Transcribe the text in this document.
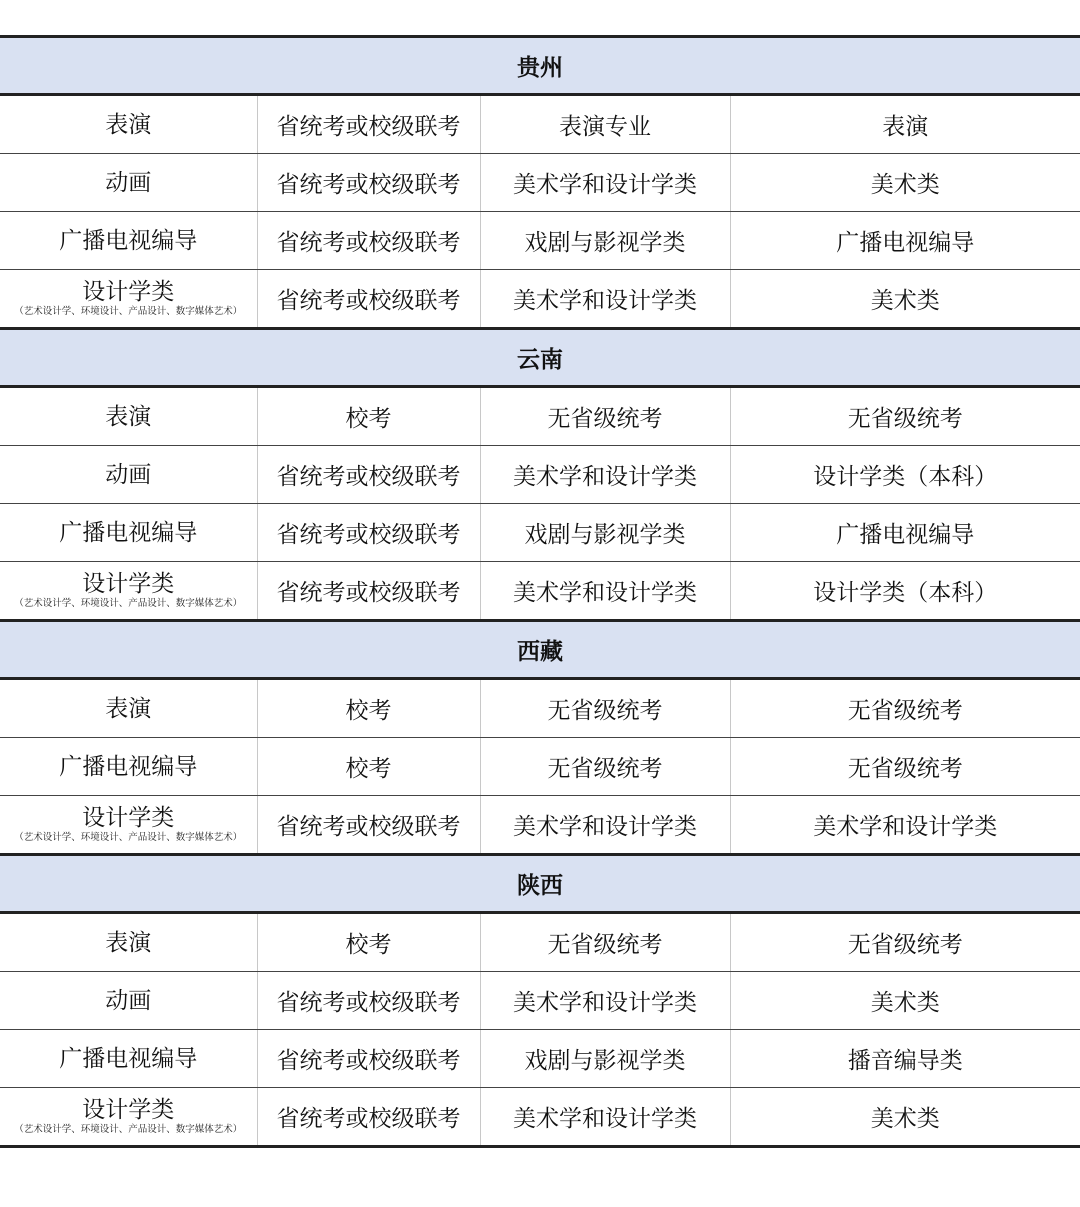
贵州			

表演	省统考或校级联考	表演专业	表演

动画	省统考或校级联考	美术学和设计学类	美术类

广播电视编导	省统考或校级联考	戏剧与影视学类	广播电视编导

设计学类
（艺术设计学、环境设计、产品设计、数字媒体艺术）	省统考或校级联考	美术学和设计学类	美术类
云南			

表演	校考	无省级统考	无省级统考

动画	省统考或校级联考	美术学和设计学类	设计学类（本科）

广播电视编导	省统考或校级联考	戏剧与影视学类	广播电视编导

设计学类
（艺术设计学、环境设计、产品设计、数字媒体艺术）	省统考或校级联考	美术学和设计学类	设计学类（本科）
西藏			

表演	校考	无省级统考	无省级统考

广播电视编导	校考	无省级统考	无省级统考

设计学类
（艺术设计学、环境设计、产品设计、数字媒体艺术）	省统考或校级联考	美术学和设计学类	美术学和设计学类
陕西			

表演	校考	无省级统考	无省级统考

动画	省统考或校级联考	美术学和设计学类	美术类

广播电视编导	省统考或校级联考	戏剧与影视学类	播音编导类

设计学类
（艺术设计学、环境设计、产品设计、数字媒体艺术）	省统考或校级联考	美术学和设计学类	美术类
